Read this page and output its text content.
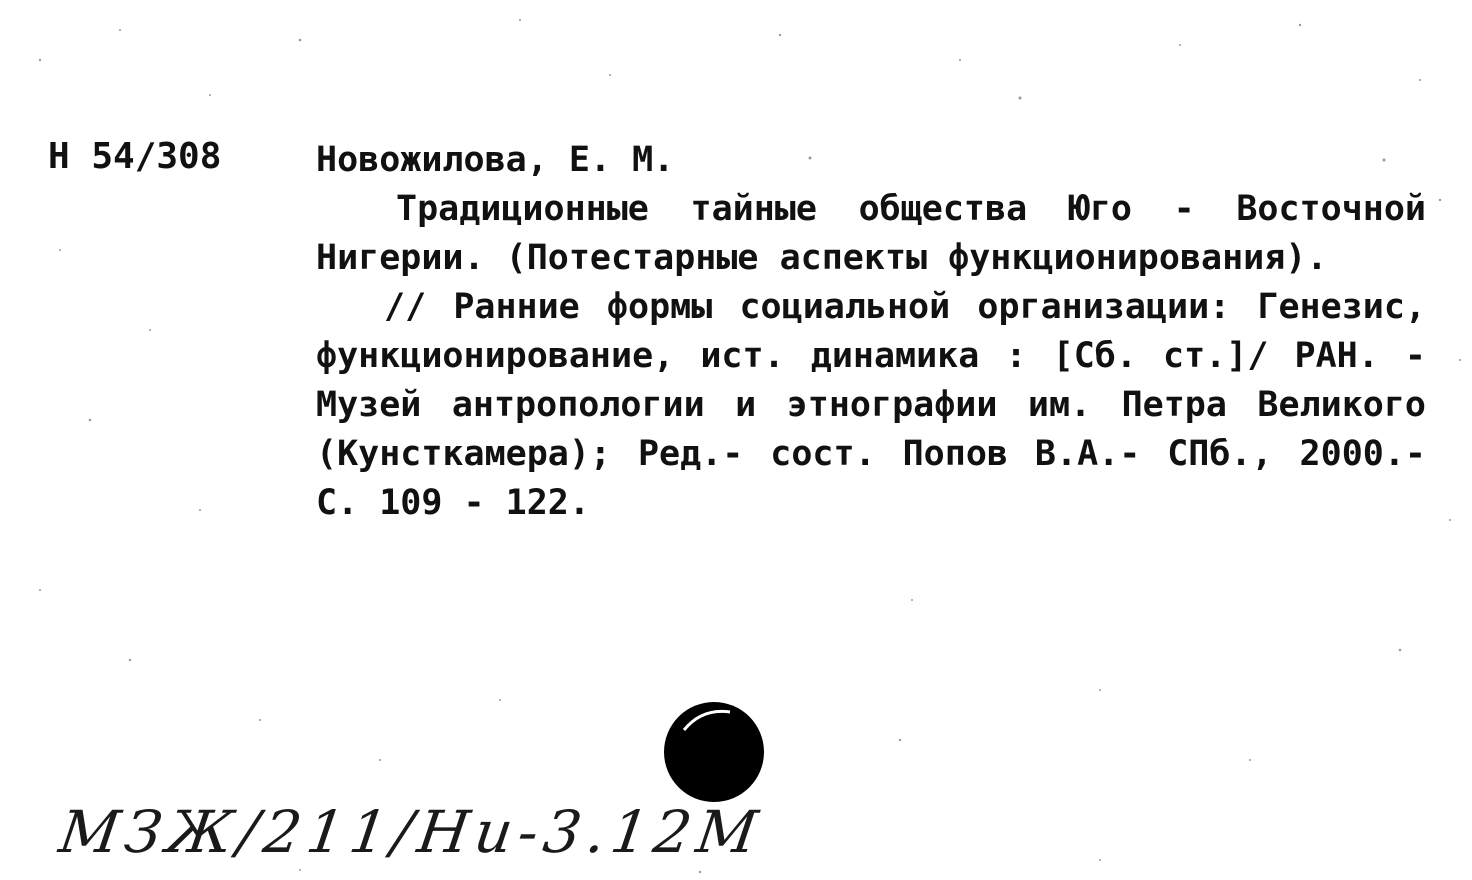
Н 54/308	Новожилова, Е. М.

Традиционные тайные общества Юго - Восточной Нигерии. (Потестарные аспекты функционирования).

// Ранние формы социальной организации: Генезис, функционирование, ист. динамика : [Сб. ст.]/ РАН. - Музей антропологии и этнографии им. Петра Великого (Кунсткамера); Ред.- сост. Попов В.А.- СПб., 2000.-С. 109 - 122.

МЗЖ/211/Ни-3.12М
